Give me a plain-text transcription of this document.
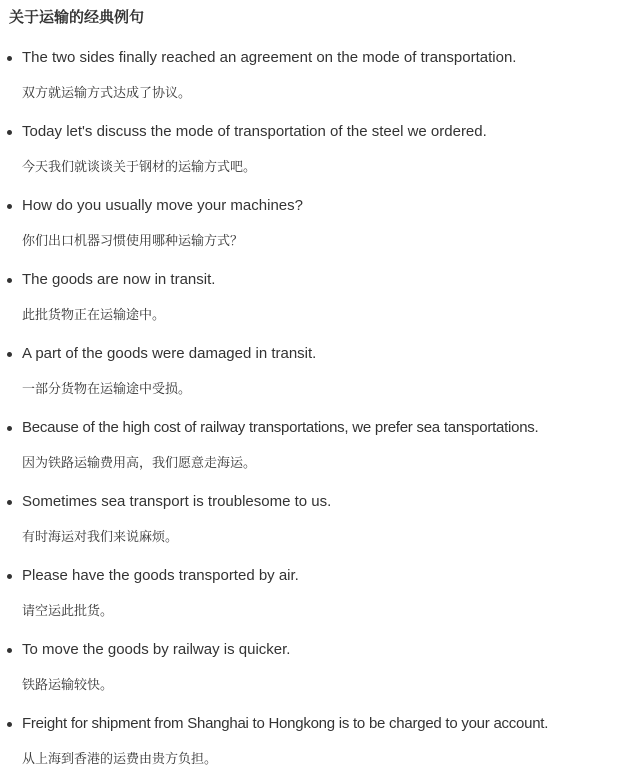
关于运输的经典例句
The two sides finally reached an agreement on the mode of transportation.
双方就运输方式达成了协议。
Today let's discuss the mode of transportation of the steel we ordered.
今天我们就谈谈关于钢材的运输方式吧。
How do you usually move your machines?
你们出口机器习惯使用哪种运输方式？
The goods are now in transit.
此批货物正在运输途中。
A part of the goods were damaged in transit.
一部分货物在运输途中受损。
Because of the high cost of railway transportations, we prefer sea tansportations.
因为铁路运输费用高，我们愿意走海运。
Sometimes sea transport is troublesome to us.
有时海运对我们来说麻烦。
Please have the goods transported by air.
请空运此批货。
To move the goods by railway is quicker.
铁路运输较快。
Freight for shipment from Shanghai to Hongkong is to be charged to your account.
从上海到香港的运费由贵方负担。
